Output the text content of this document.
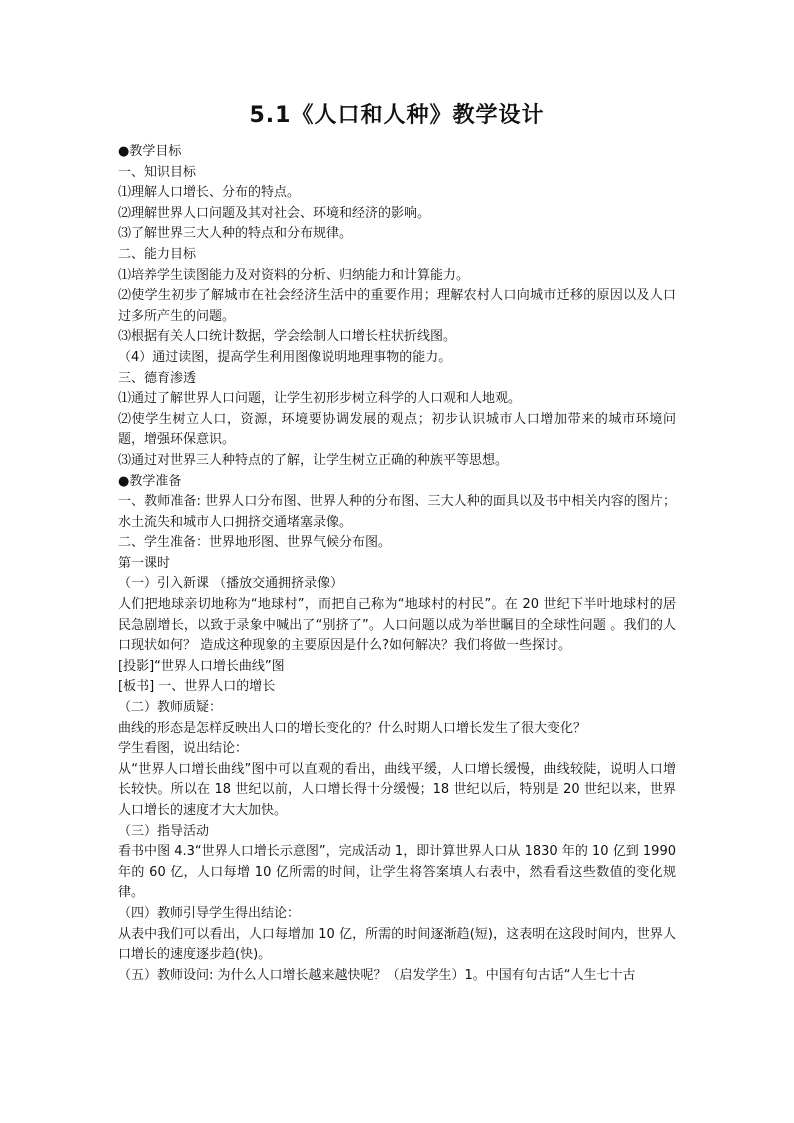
5.1《人口和人种》教学设计

●教学目标

一、知识目标

⑴理解人口增长、分布的特点。

⑵理解世界人口问题及其对社会、环境和经济的影响。

⑶了解世界三大人种的特点和分布规律。

二、能力目标

⑴培养学生读图能力及对资料的分析、归纳能力和计算能力。

⑵使学生初步了解城市在社会经济生活中的重要作用；理解农村人口向城市迁移的原因以及人口过多所产生的问题。

⑶根据有关人口统计数据，学会绘制人口增长柱状折线图。

（4）通过读图，提高学生利用图像说明地理事物的能力。

三、德育渗透

⑴通过了解世界人口问题，让学生初形步树立科学的人口观和人地观。

⑵使学生树立人口，资源，环境要协调发展的观点；初步认识城市人口增加带来的城市环境问题，增强环保意识。

⑶通过对世界三人种特点的了解，让学生树立正确的种族平等思想。

●教学准备

一、教师准备: 世界人口分布图、世界人种的分布图、三大人种的面具以及书中相关内容的图片；水土流失和城市人口拥挤交通堵塞录像。

二、学生准备：世界地形图、世界气候分布图。

第一课时

（一）引入新课 （播放交通拥挤录像）

人们把地球亲切地称为“地球村”，而把自己称为“地球村的村民”。在 20 世纪下半叶地球村的居民急剧增长，以致于录象中喊出了“别挤了”。人口问题以成为举世瞩目的全球性问题 。我们的人口现状如何？ 造成这种现象的主要原因是什么?如何解决？我们将做一些探讨。

[投影]“世界人口增长曲线”图

[板书] 一、世界人口的增长

（二）教师质疑：

曲线的形态是怎样反映出人口的增长变化的？什么时期人口增长发生了很大变化？

学生看图，说出结论：

从“世界人口增长曲线”图中可以直观的看出，曲线平缓，人口增长缓慢，曲线较陡，说明人口增长较快。所以在 18 世纪以前，人口增长得十分缓慢；18 世纪以后，特别是 20 世纪以来，世界人口增长的速度才大大加快。

（三）指导活动

看书中图 4.3“世界人口增长示意图”，完成活动 1，即计算世界人口从 1830 年的 10 亿到 1990 年的 60 亿，人口每增 10 亿所需的时间，让学生将答案填人右表中，然看看这些数值的变化规律。

（四）教师引导学生得出结论：

从表中我们可以看出，人口每增加 10 亿，所需的时间逐渐趋(短)，这表明在这段时间内，世界人口增长的速度逐步趋(快)。

（五）教师设问: 为什么人口增长越来越快呢？（启发学生）1。中国有句古话“人生七十古
